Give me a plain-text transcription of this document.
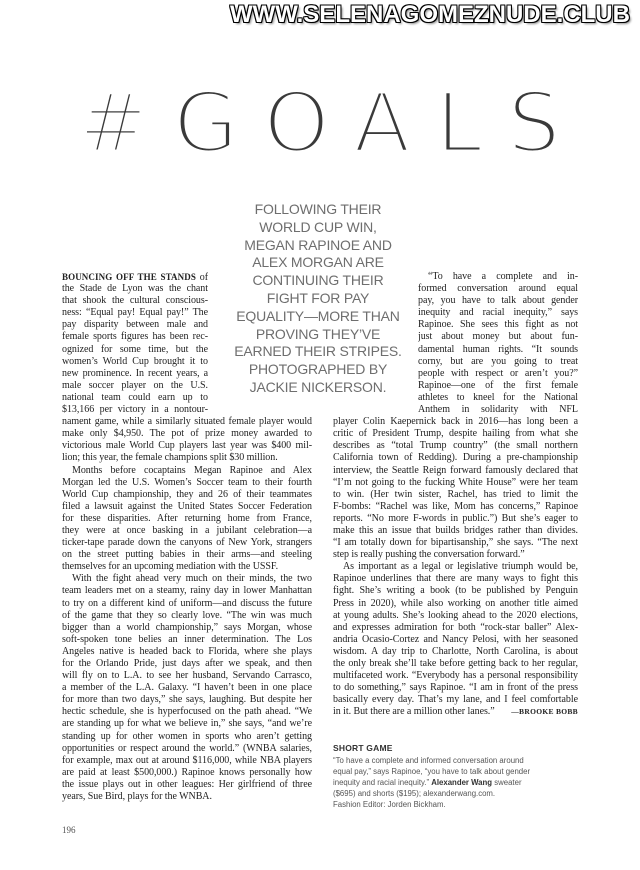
WWW.SELENAGOMEZNUDE.CLUB
#GOALS
FOLLOWING THEIR
WORLD CUP WIN,
MEGAN RAPINOE AND
ALEX MORGAN ARE
CONTINUING THEIR
FIGHT FOR PAY
EQUALITY—MORE THAN
PROVING THEY’VE
EARNED THEIR STRIPES.
PHOTOGRAPHED BY
JACKIE NICKERSON.
BOUNCING OFF THE STANDS of
the Stade de Lyon was the chant
that shook the cultural conscious-
ness: “Equal pay! Equal pay!” The
pay disparity between male and
female sports figures has been rec-
ognized for some time, but the
women’s World Cup brought it to
new prominence. In recent years, a
male soccer player on the U.S.
national team could earn up to
$13,166 per victory in a nontour-
nament game, while a similarly situated female player would
make only $4,950. The pot of prize money awarded to
victorious male World Cup players last year was $400 mil-
lion; this year, the female champions split $30 million.
Months before cocaptains Megan Rapinoe and Alex
Morgan led the U.S. Women’s Soccer team to their fourth
World Cup championship, they and 26 of their teammates
filed a lawsuit against the United States Soccer Federation
for these disparities. After returning home from France,
they were at once basking in a jubilant celebration—a
ticker-tape parade down the canyons of New York, strangers
on the street putting babies in their arms—and steeling
themselves for an upcoming mediation with the USSF.
With the fight ahead very much on their minds, the two
team leaders met on a steamy, rainy day in lower Manhattan
to try on a different kind of uniform—and discuss the future
of the game that they so clearly love. “The win was much
bigger than a world championship,” says Morgan, whose
soft-spoken tone belies an inner determination. The Los
Angeles native is headed back to Florida, where she plays
for the Orlando Pride, just days after we speak, and then
will fly on to L.A. to see her husband, Servando Carrasco,
a member of the L.A. Galaxy. “I haven’t been in one place
for more than two days,” she says, laughing. But despite her
hectic schedule, she is hyperfocused on the path ahead. “We
are standing up for what we believe in,” she says, “and we’re
standing up for other women in sports who aren’t getting
opportunities or respect around the world.” (WNBA salaries,
for example, max out at around $116,000, while NBA players
are paid at least $500,000.) Rapinoe knows personally how
the issue plays out in other leagues: Her girlfriend of three
years, Sue Bird, plays for the WNBA.
“To have a complete and in-
formed conversation around equal
pay, you have to talk about gender
inequity and racial inequity,” says
Rapinoe. She sees this fight as not
just about money but about fun-
damental human rights. “It sounds
corny, but are you going to treat
people with respect or aren’t you?”
Rapinoe—one of the first female
athletes to kneel for the National
Anthem in solidarity with NFL
player Colin Kaepernick back in 2016—has long been a
critic of President Trump, despite hailing from what she
describes as “total Trump country” (the small northern
California town of Redding). During a pre-championship
interview, the Seattle Reign forward famously declared that
“I’m not going to the fucking White House” were her team
to win. (Her twin sister, Rachel, has tried to limit the
F-bombs: “Rachel was like, Mom has concerns,” Rapinoe
reports. “No more F-words in public.”) But she’s eager to
make this an issue that builds bridges rather than divides.
“I am totally down for bipartisanship,” she says. “The next
step is really pushing the conversation forward.”
As important as a legal or legislative triumph would be,
Rapinoe underlines that there are many ways to fight this
fight. She’s writing a book (to be published by Penguin
Press in 2020), while also working on another title aimed
at young adults. She’s looking ahead to the 2020 elections,
and expresses admiration for both “rock-star baller” Alex-
andria Ocasio-Cortez and Nancy Pelosi, with her seasoned
wisdom. A day trip to Charlotte, North Carolina, is about
the only break she’ll take before getting back to her regular,
multifaceted work. “Everybody has a personal responsibility
to do something,” says Rapinoe. “I am in front of the press
basically every day. That’s my lane, and I feel comfortable
in it. But there are a million other lanes.” —BROOKE BOBB
SHORT GAME
“To have a complete and informed conversation around
equal pay,” says Rapinoe, “you have to talk about gender
inequity and racial inequity.” Alexander Wang sweater
($695) and shorts ($195); alexanderwang.com.
Fashion Editor: Jorden Bickham.
196
